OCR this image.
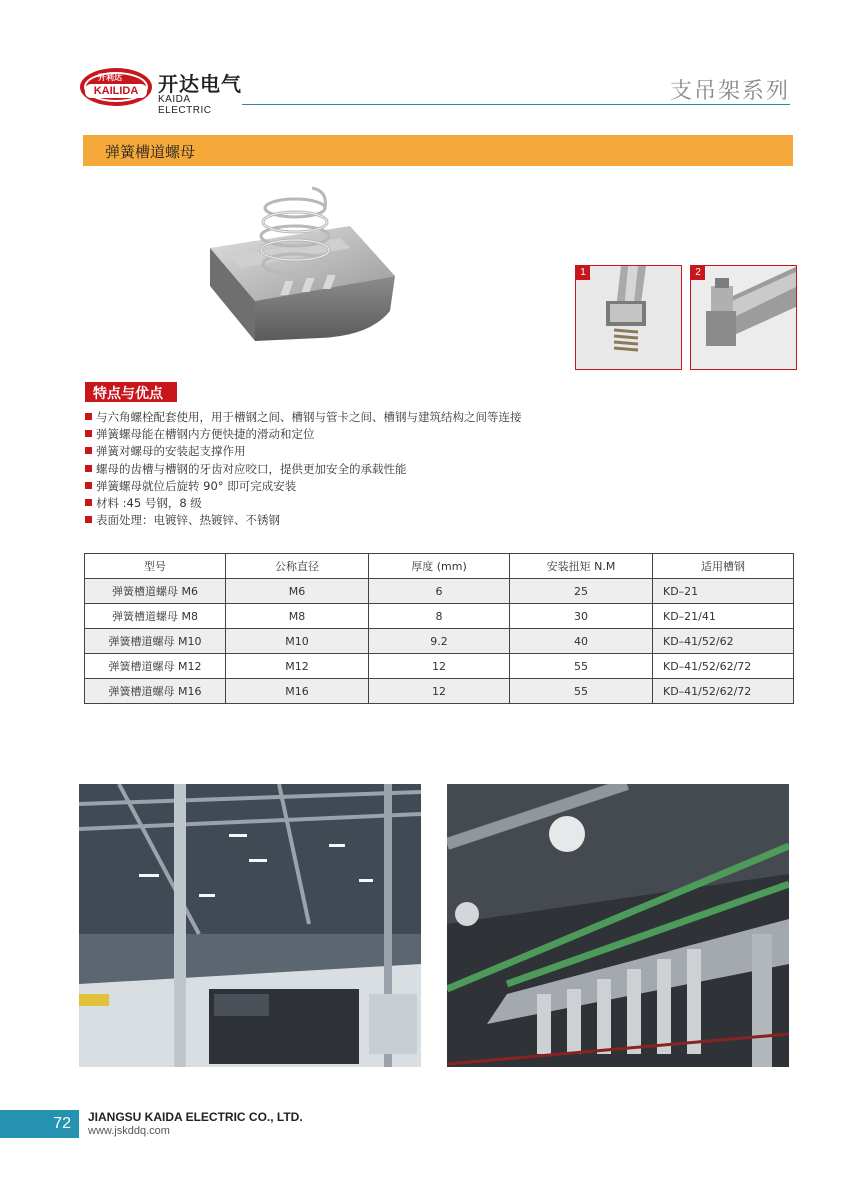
开利达
KAILIDA 开达电气
KAIDA ELECTRIC
支吊架系列
弹簧槽道螺母
1	2
特点与优点
与六角螺栓配套使用，用于槽钢之间、槽钢与管卡之间、槽钢与建筑结构之间等连接
弹簧螺母能在槽钢内方便快捷的滑动和定位
弹簧对螺母的安装起支撑作用
螺母的齿槽与槽钢的牙齿对应咬口，提供更加安全的承载性能
弹簧螺母就位后旋转 90° 即可完成安装
材料 :45 号钢，8 级
表面处理：电镀锌、热镀锌、不锈钢
型号	公称直径	厚度 (mm)	安装扭矩 N.M	适用槽钢
弹簧槽道螺母 M6	M6	6	25	KD–21
弹簧槽道螺母 M8	M8	8	30	KD–21/41
弹簧槽道螺母 M10	M10	9.2	40	KD–41/52/62
弹簧槽道螺母 M12	M12	12	55	KD–41/52/62/72
弹簧槽道螺母 M16	M16	12	55	KD–41/52/62/72
72	JIANGSU KAIDA ELECTRIC CO., LTD.
www.jskddq.com
